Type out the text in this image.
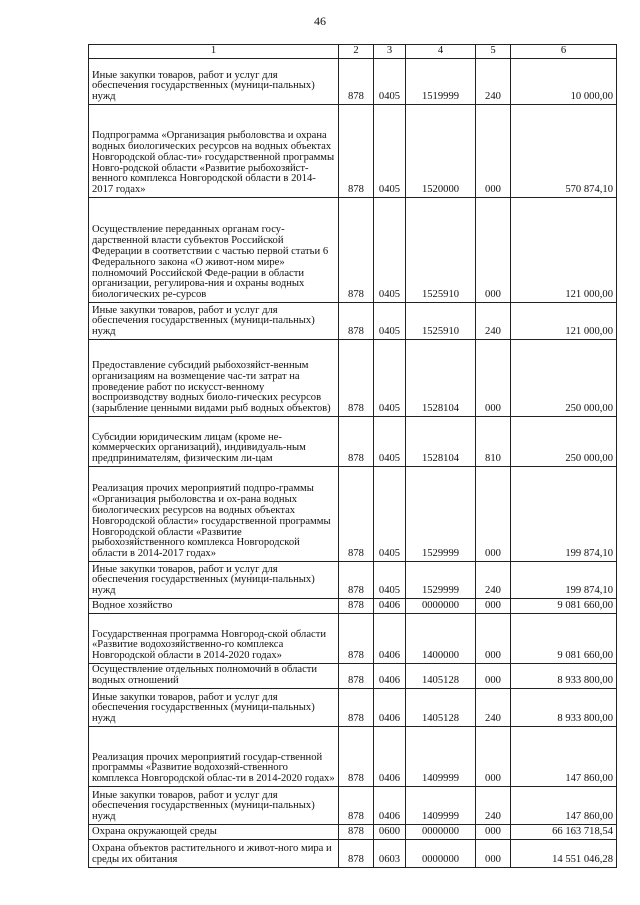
46
1	2	3	4	5	6
Иные закупки товаров, работ и услуг для обеспечения государственных (муници-пальных) нужд	878	0405	1519999	240	10 000,00
Подпрограмма «Организация рыболовства и охрана водных биологических ресурсов на водных объектах Новгородской облас-ти» государственной программы Новго-родской области «Развитие рыбохозяйст-венного комплекса Новгородской области в 2014-2017 годах»	878	0405	1520000	000	570 874,10
Осуществление переданных органам госу-дарственной власти субъектов Российской Федерации в соответствии с частью первой статьи 6 Федерального закона «О живот-ном мире» полномочий Российской Феде-рации в области организации, регулирова-ния и охраны водных биологических ре-сурсов	878	0405	1525910	000	121 000,00
Иные закупки товаров, работ и услуг для обеспечения государственных (муници-пальных) нужд	878	0405	1525910	240	121 000,00
Предоставление субсидий рыбохозяйст-венным организациям на возмещение час-ти затрат на проведение работ по искусст-венному воспроизводству водных биоло-гических ресурсов (зарыбление ценными видами рыб водных объектов)	878	0405	1528104	000	250 000,00
Субсидии юридическим лицам (кроме не-коммерческих организаций), индивидуаль-ным предпринимателям, физическим ли-цам	878	0405	1528104	810	250 000,00
Реализация прочих мероприятий подпро-граммы «Организация рыболовства и ох-рана водных биологических ресурсов на водных объектах Новгородской области» государственной программы Новгородской области «Развитие рыбохозяйственного комплекса Новгородской области в 2014-2017 годах»	878	0405	1529999	000	199 874,10
Иные закупки товаров, работ и услуг для обеспечения государственных (муници-пальных) нужд	878	0405	1529999	240	199 874,10
Водное хозяйство	878	0406	0000000	000	9 081 660,00
Государственная программа Новгород-ской области «Развитие водохозяйственно-го комплекса Новгородской области в 2014-2020 годах»	878	0406	1400000	000	9 081 660,00
Осуществление отдельных полномочий в области водных отношений	878	0406	1405128	000	8 933 800,00
Иные закупки товаров, работ и услуг для обеспечения государственных (муници-пальных) нужд	878	0406	1405128	240	8 933 800,00
Реализация прочих мероприятий государ-ственной программы «Развитие водохозяй-ственного комплекса Новгородской облас-ти в 2014-2020 годах»	878	0406	1409999	000	147 860,00
Иные закупки товаров, работ и услуг для обеспечения государственных (муници-пальных) нужд	878	0406	1409999	240	147 860,00
Охрана окружающей среды	878	0600	0000000	000	66 163 718,54
Охрана объектов растительного и живот-ного мира и среды их обитания	878	0603	0000000	000	14 551 046,28
